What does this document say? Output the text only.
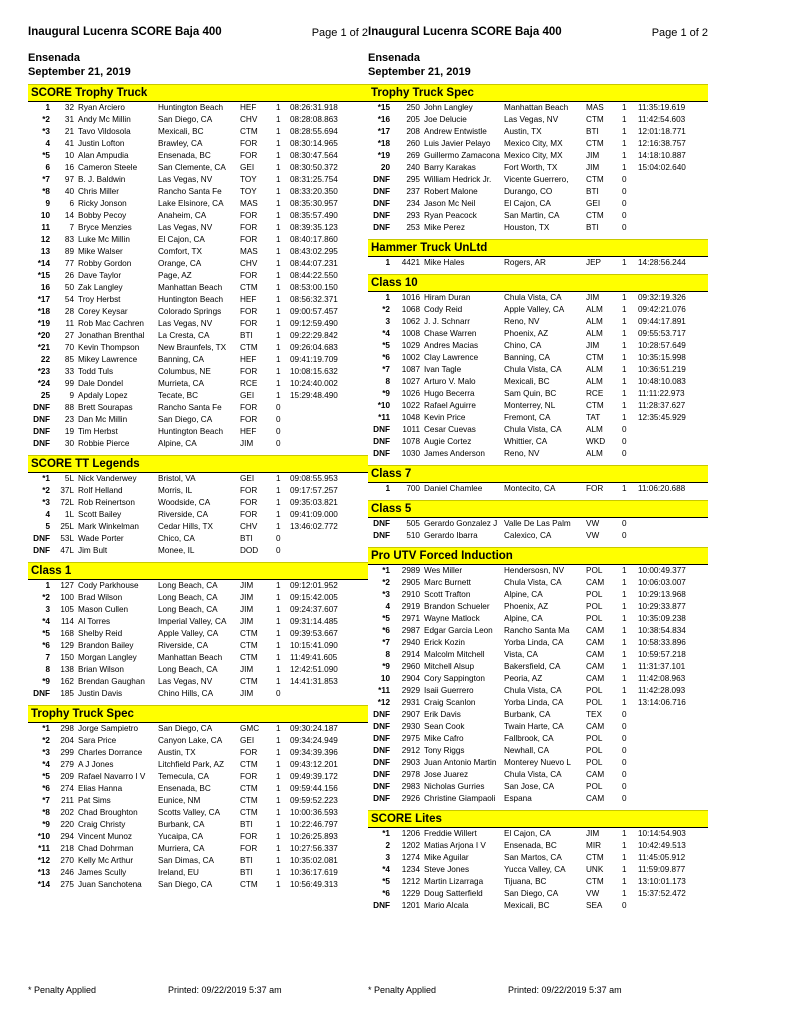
Inaugural Lucenra SCORE Baja 400	Page 1 of 2
Ensenada
September 21, 2019
SCORE Trophy Truck
1	32 Ryan Arciero	Huntington Beach	HEF	1	08:26:31.918
*2	31 Andy Mc Millin	San Diego, CA	CHV	1	08:28:08.863
*3	21 Tavo Vildosola	Mexicali, BC	CTM	1	08:28:55.694
4	41 Justin Lofton	Brawley, CA	FOR	1	08:30:14.965
*5	10 Alan Ampudia	Ensenada, BC	FOR	1	08:30:47.564
6	16 Cameron Steele	San Clemente, CA	GEI	1	08:30:50.372
*7	97 B. J. Baldwin	Las Vegas, NV	TOY	1	08:31:25.754
*8	40 Chris Miller	Rancho Santa Fe	TOY	1	08:33:20.350
9	6 Ricky Jonson	Lake Elsinore, CA	MAS	1	08:35:30.957
10	14 Bobby Pecoy	Anaheim, CA	FOR	1	08:35:57.490
11	7 Bryce Menzies	Las Vegas, NV	FOR	1	08:39:35.123
12	83 Luke Mc Millin	El Cajon, CA	FOR	1	08:40:17.860
13	89 Mike Walser	Comfort, TX	MAS	1	08:43:02.295
*14	77 Robby Gordon	Orange, CA	CHV	1	08:44:07.231
*15	26 Dave Taylor	Page, AZ	FOR	1	08:44:22.550
16	50 Zak Langley	Manhattan Beach	CTM	1	08:53:00.150
*17	54 Troy Herbst	Huntington Beach	HEF	1	08:56:32.371
*18	28 Corey Keysar	Colorado Springs	FOR	1	09:00:57.457
*19	11 Rob Mac Cachren	Las Vegas, NV	FOR	1	09:12:59.490
*20	27 Jonathan Brenthal	La Cresta, CA	BTI	1	09:22:29.842
*21	70 Kevin Thompson	New Braunfels, TX	CTM	1	09:26:04.683
22	85 Mikey Lawrence	Banning, CA	HEF	1	09:41:19.709
*23	33 Todd Tuls	Columbus, NE	FOR	1	10:08:15.632
*24	99 Dale Dondel	Murrieta, CA	RCE	1	10:24:40.002
25	9 Apdaly Lopez	Tecate, BC	GEI	1	15:29:48.490
DNF	88 Brett Sourapas	Rancho Santa Fe	FOR	0
DNF	23 Dan Mc Millin	San Diego, CA	FOR	0
DNF	19 Tim Herbst	Huntington Beach	HEF	0
DNF	30 Robbie Pierce	Alpine, CA	JIM	0
SCORE TT Legends
*1	5L Nick Vanderwey	Bristol, VA	GEI	1	09:08:55.953
*2	37L Rolf Helland	Morris, IL	FOR	1	09:17:57.257
*3	72L Rob Reinertson	Woodside, CA	FOR	1	09:35:03.821
4	1L Scott Bailey	Riverside, CA	FOR	1	09:41:09.000
5	25L Mark Winkelman	Cedar Hills, TX	CHV	1	13:46:02.772
DNF	53L Wade Porter	Chico, CA	BTI	0
DNF	47L Jim Bult	Monee, IL	DOD	0
Class 1
1	127 Cody Parkhouse	Long Beach, CA	JIM	1	09:12:01.952
*2	100 Brad Wilson	Long Beach, CA	JIM	1	09:15:42.005
3	105 Mason Cullen	Long Beach, CA	JIM	1	09:24:37.607
*4	114 Al Torres	Imperial Valley, CA	JIM	1	09:31:14.485
*5	168 Shelby Reid	Apple Valley, CA	CTM	1	09:39:53.667
*6	129 Brandon Bailey	Riverside, CA	CTM	1	10:15:41.090
7	150 Morgan Langley	Manhattan Beach	CTM	1	11:49:41.605
8	138 Brian Wilson	Long Beach, CA	JIM	1	12:42:51.090
*9	162 Brendan Gaughan	Las Vegas, NV	CTM	1	14:41:31.853
DNF	185 Justin Davis	Chino Hills, CA	JIM	0
Trophy Truck Spec
*1	298 Jorge Sampietro	San Diego, CA	GMC	1	09:30:24.187
*2	204 Sara Price	Canyon Lake, CA	GEI	1	09:34:24.949
*3	299 Charles Dorrance	Austin, TX	FOR	1	09:34:39.396
*4	279 A J Jones	Litchfield Park, AZ	CTM	1	09:43:12.201
*5	209 Rafael Navarro I V	Temecula, CA	FOR	1	09:49:39.172
*6	274 Elias Hanna	Ensenada, BC	CTM	1	09:59:44.156
*7	211 Pat Sims	Eunice, NM	CTM	1	09:59:52.223
*8	202 Chad Broughton	Scotts Valley, CA	CTM	1	10:00:36.593
*9	220 Craig Christy	Burbank, CA	BTI	1	10:22:46.797
*10	294 Vincent Munoz	Yucaipa, CA	FOR	1	10:26:25.893
*11	218 Chad Dohrman	Murriera, CA	FOR	1	10:27:56.337
*12	270 Kelly Mc Arthur	San Dimas, CA	BTI	1	10:35:02.081
*13	246 James Scully	Ireland, EU	BTI	1	10:36:17.619
*14	275 Juan Sanchotena	San Diego, CA	CTM	1	10:56:49.313
Inaugural Lucenra SCORE Baja 400	Page 1 of 2
Ensenada
September 21, 2019
Trophy Truck Spec
*15	250 John Langley	Manhattan Beach	MAS	1	11:35:19.619
*16	205 Joe Delucie	Las Vegas, NV	CTM	1	11:42:54.603
*17	208 Andrew Entwistle	Austin, TX	BTI	1	12:01:18.771
*18	260 Luis Javier Pelayo	Mexico City, MX	CTM	1	12:16:38.757
*19	269 Guillermo Zamacona Mexico City, MX	JIM	1	14:18:10.887
20	240 Barry Karakas	Fort Worth, TX	JIM	1	15:04:02.640
DNF	295 William Hedrick Jr.	Vicente Guerrero,	CTM	0
DNF	237 Robert Malone	Durango, CO	BTI	0
DNF	234 Jason Mc Neil	El Cajon, CA	GEI	0
DNF	293 Ryan Peacock	San Martin, CA	CTM	0
DNF	253 Mike Perez	Houston, TX	BTI	0
Hammer Truck UnLtd
1	4421 Mike Hales	Rogers, AR	JEP	1	14:28:56.244
Class 10
1	1016 Hiram Duran	Chula Vista, CA	JIM	1	09:32:19.326
*2	1068 Cody Reid	Apple Valley, CA	ALM	1	09:42:21.076
3	1062 J. J. Schnarr	Reno, NV	ALM	1	09:44:17.891
*4	1008 Chase Warren	Phoenix, AZ	ALM	1	09:55:53.717
*5	1029 Andres Macias	Chino, CA	JIM	1	10:28:57.649
*6	1002 Clay Lawrence	Banning, CA	CTM	1	10:35:15.998
*7	1087 Ivan Tagle	Chula Vista, CA	ALM	1	10:36:51.219
8	1027 Arturo V. Malo	Mexicali, BC	ALM	1	10:48:10.083
*9	1026 Hugo Becerra	Sam Quin, BC	RCE	1	11:11:22.973
*10	1022 Rafael Aguirre	Monterrey, NL	CTM	1	11:28:37.627
*11	1048 Kevin Price	Fremont, CA	TAT	1	12:35:45.929
DNF	1011 Cesar Cuevas	Chula Vista, CA	ALM	0
DNF	1078 Augie Cortez	Whittier, CA	WKD	0
DNF	1030 James Anderson	Reno, NV	ALM	0
Class 7
1	700 Daniel Chamlee	Montecito, CA	FOR	1	11:06:20.688
Class 5
DNF	505 Gerardo Gonzalez J Valle De Las Palm	VW	0
DNF	510 Gerardo Ibarra	Calexico, CA	VW	0
Pro UTV Forced Induction
*1	2989 Wes Miller	Hendersosn, NV	POL	1	10:00:49.377
*2	2905 Marc Burnett	Chula Vista, CA	CAM	1	10:06:03.007
*3	2910 Scott Trafton	Alpine, CA	POL	1	10:29:13.968
4	2919 Brandon Schueler	Phoenix, AZ	POL	1	10:29:33.877
*5	2971 Wayne Matlock	Alpine, CA	POL	1	10:35:09.238
*6	2987 Edgar Garcia Leon	Rancho Santa Ma	CAM	1	10:38:54.834
*7	2940 Erick Kozin	Yorba Linda, CA	CAM	1	10:58:33.896
8	2914 Malcolm Mitchell	Vista, CA	CAM	1	10:59:57.218
*9	2960 Mitchell Alsup	Bakersfield, CA	CAM	1	11:31:37.101
10	2904 Cory Sappington	Peoria, AZ	CAM	1	11:42:08.963
*11	2929 Isaii Guerrero	Chula Vista, CA	POL	1	11:42:28.093
*12	2931 Craig Scanlon	Yorba Linda, CA	POL	1	13:14:06.716
DNF	2907 Erik Davis	Burbank, CA	TEX	0
DNF	2930 Sean Cook	Twain Harte, CA	CAM	0
DNF	2975 Mike Cafro	Fallbrook, CA	POL	0
DNF	2912 Tony Riggs	Newhall, CA	POL	0
DNF	2903 Juan Antonio Martin Monterey Nuevo L	POL	0
DNF	2978 Jose Juarez	Chula Vista, CA	CAM	0
DNF	2983 Nicholas Gurries	San Jose, CA	POL	0
DNF	2926 Christine Giampaoli	Espana	CAM	0
SCORE Lites
*1	1206 Freddie Willert	El Cajon, CA	JIM	1	10:14:54.903
2	1202 Matias Arjona I V	Ensenada, BC	MIR	1	10:42:49.513
3	1274 Mike Aguilar	San Martos, CA	CTM	1	11:45:05.912
*4	1234 Steve Jones	Yucca Valley, CA	UNK	1	11:59:09.877
*5	1212 Martin Lizarraga	Tijuana, BC	CTM	1	13:10:01.173
*6	1229 Doug Satterfield	San Diego, CA	VW	1	15:37:52.472
DNF	1201 Mario Alcala	Mexicali, BC	SEA	0
* Penalty Applied	Printed: 09/22/2019 5:37 am	* Penalty Applied	Printed: 09/22/2019 5:37 am
